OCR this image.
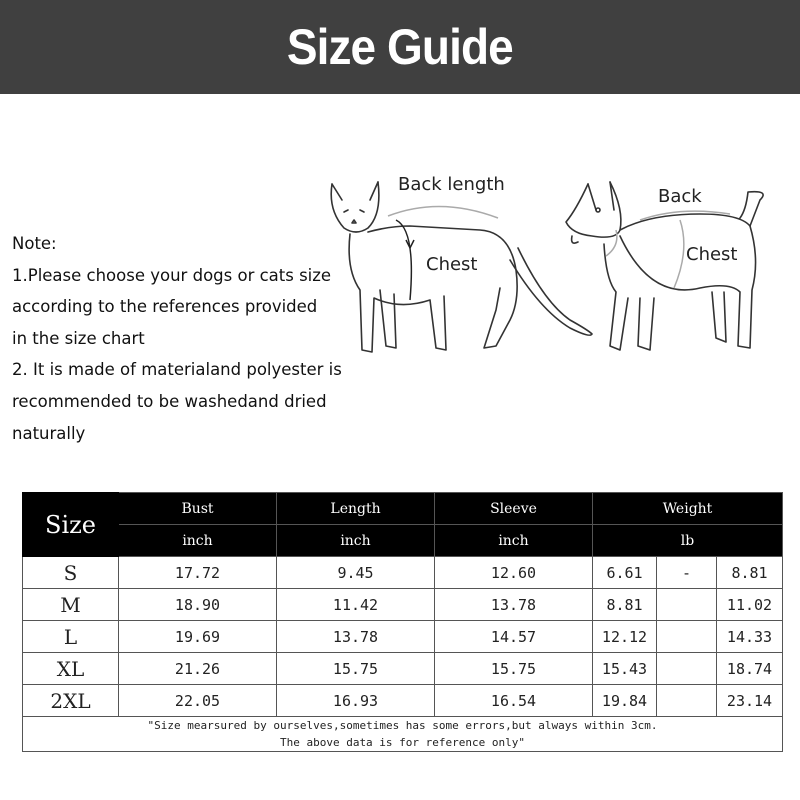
Size Guide
Note:
1.Please choose your dogs or cats size
according to the references provided
in the size chart
2. It is made of materialand polyester is
recommended to be washedand dried
naturally
Back length
Chest
Back
Chest
Size	Bust	Length	Sleeve	Weight		
	inch	inch	inch	lb		
S	17.72	9.45	12.60	6.61	-	8.81
M	18.90	11.42	13.78	8.81		11.02
L	19.69	13.78	14.57	12.12		14.33
XL	21.26	15.75	15.75	15.43		18.74
2XL	22.05	16.93	16.54	19.84		23.14

"Size mearsured by ourselves,sometimes has some errors,but always within 3cm.
The above data is for reference only"						
